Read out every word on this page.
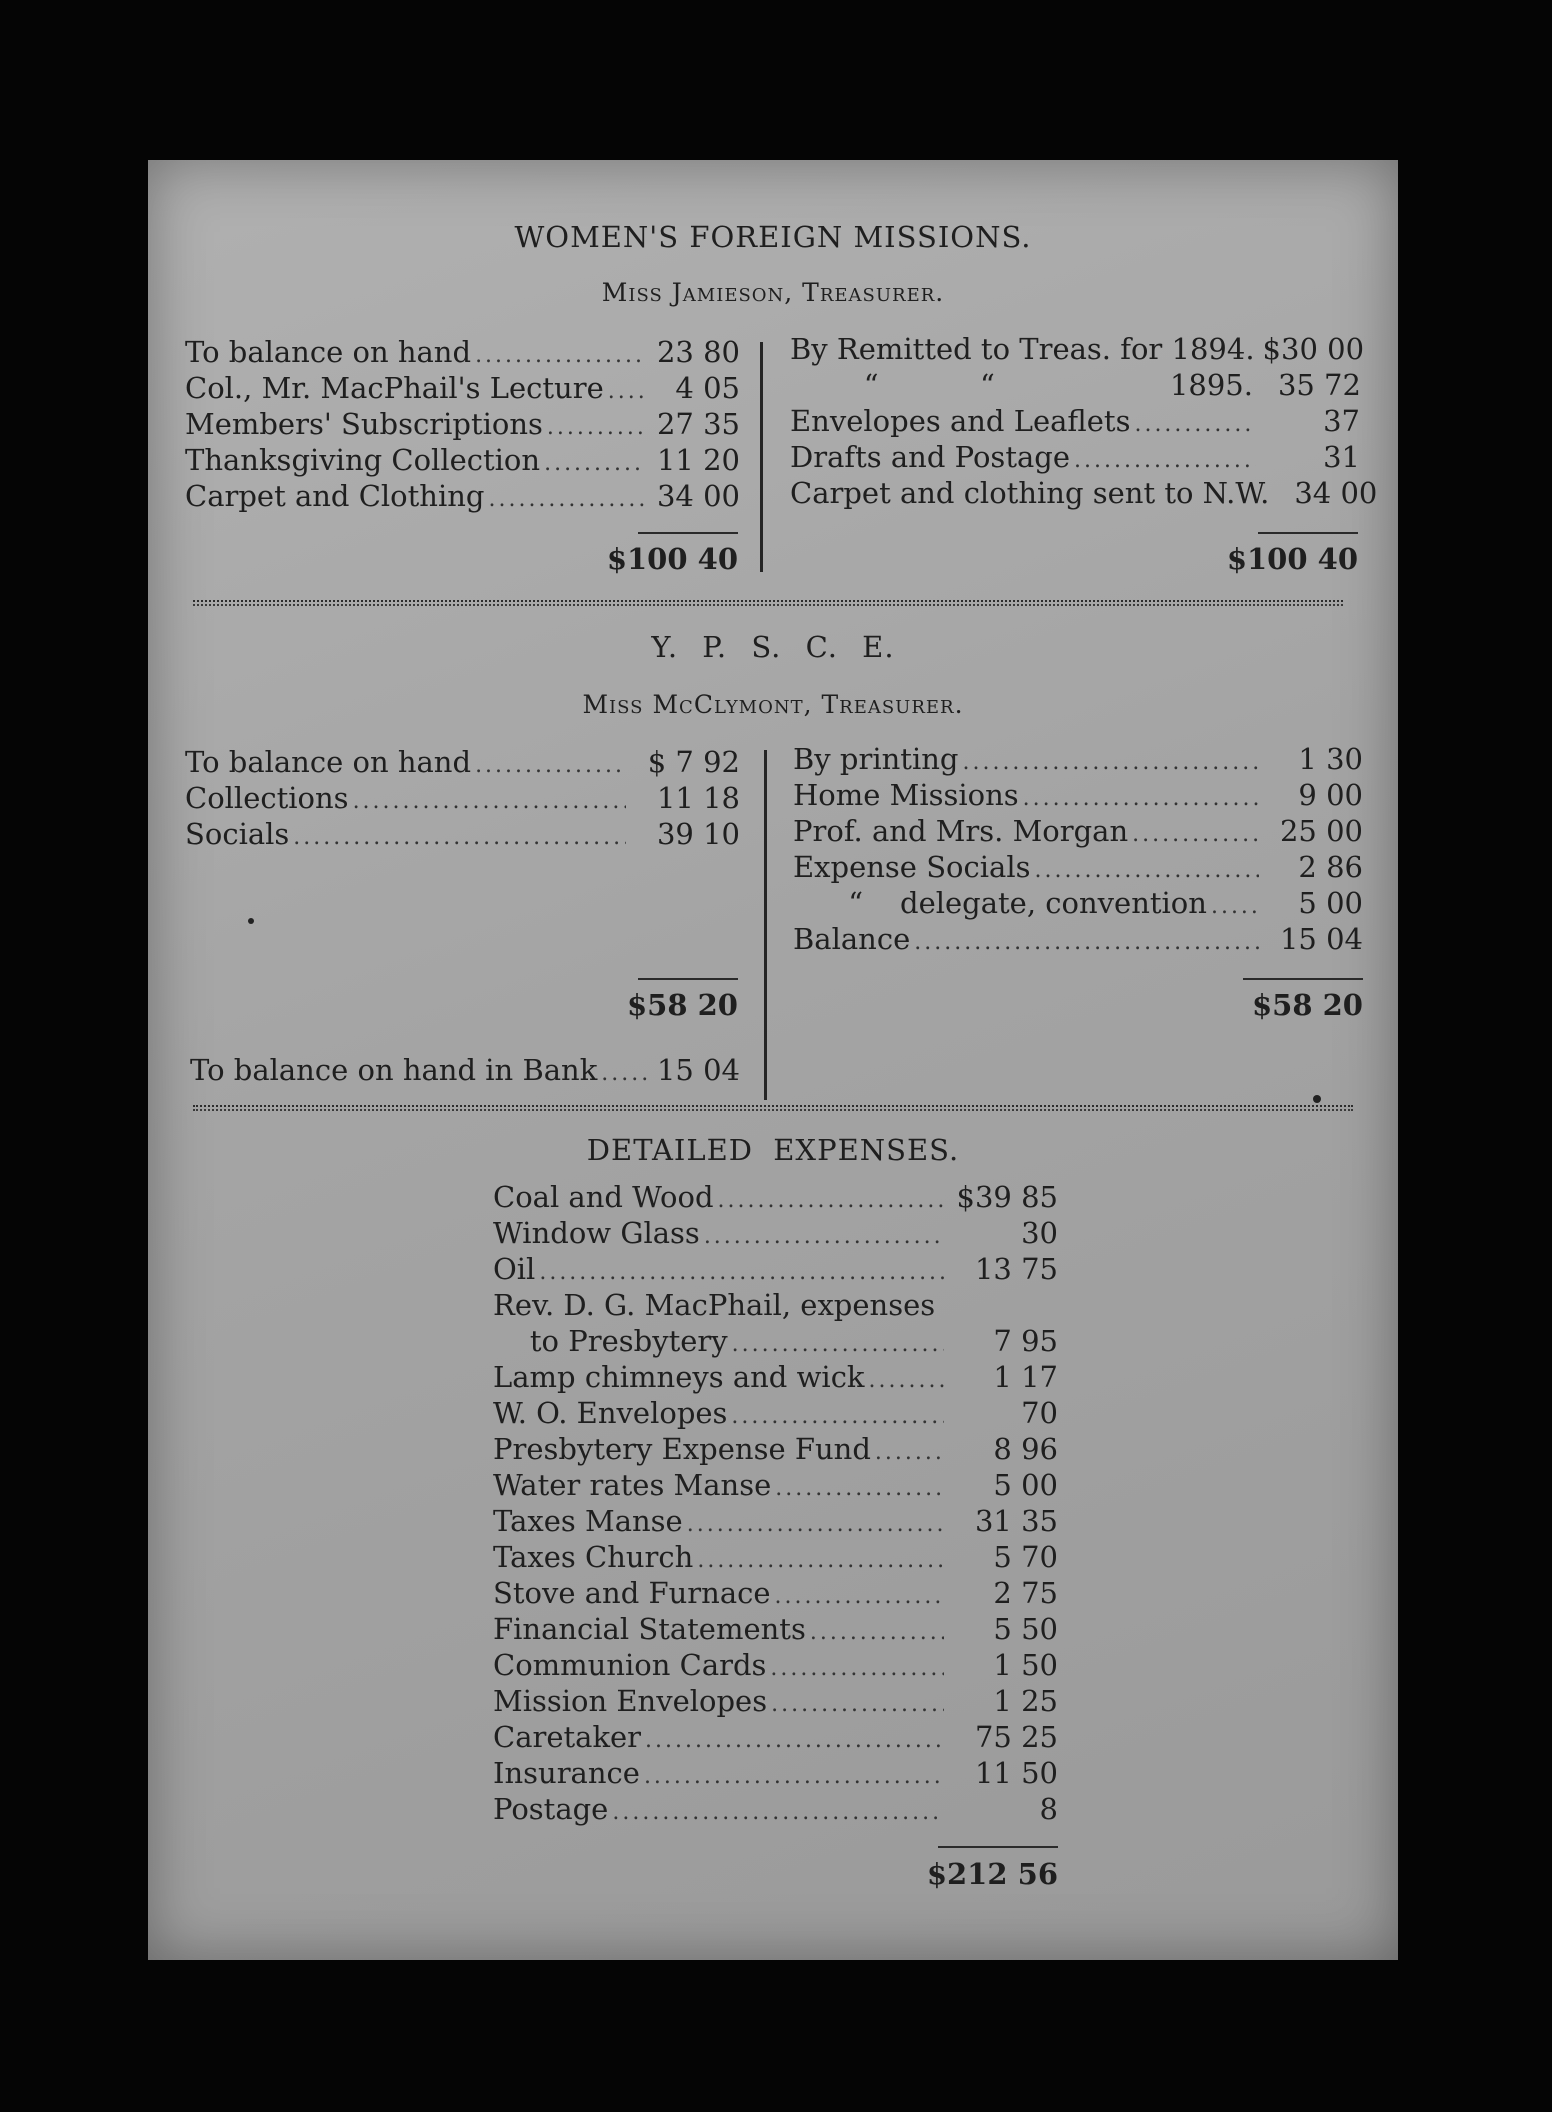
WOMEN'S FOREIGN MISSIONS.
Miss Jamieson, Treasurer.
To balance on hand .....	23 80
Col., Mr. MacPhail's Lecture .....	4 05
Members' Subscriptions .....	27 35
Thanksgiving Collection .....	11 20
Carpet and Clothing .....	34 00
By Remitted to Treas. for 1894. $30 00
“           “                   1895. 35 72
Envelopes and Leaflets .....	37
Drafts and Postage .....	31
Carpet and clothing sent to N.W. 34 00
$100 40	$100 40
Y. P. S. C. E.
Miss McClymont, Treasurer.
To balance on hand .....	$ 7 92
Collections .....	11 18
Socials .....	39 10
By printing .....	1 30
Home Missions .....	9 00
Prof. and Mrs. Morgan .....	25 00
Expense Socials .....	2 86
“    delegate, convention .....	5 00
Balance .....	15 04
$58 20	$58 20
To balance on hand in Bank ..... 15 04
DETAILED EXPENSES.
Coal and Wood .....	$39 85
Window Glass .....	30
Oil .....	13 75
Rev. D. G. MacPhail, expenses
to Presbytery .....	7 95
Lamp chimneys and wick .....	1 17
W. O. Envelopes .....	70
Presbytery Expense Fund .....	8 96
Water rates Manse .....	5 00
Taxes Manse .....	31 35
Taxes Church .....	5 70
Stove and Furnace .....	2 75
Financial Statements .....	5 50
Communion Cards .....	1 50
Mission Envelopes .....	1 25
Caretaker .....	75 25
Insurance .....	11 50
Postage .....	8
$212 56
